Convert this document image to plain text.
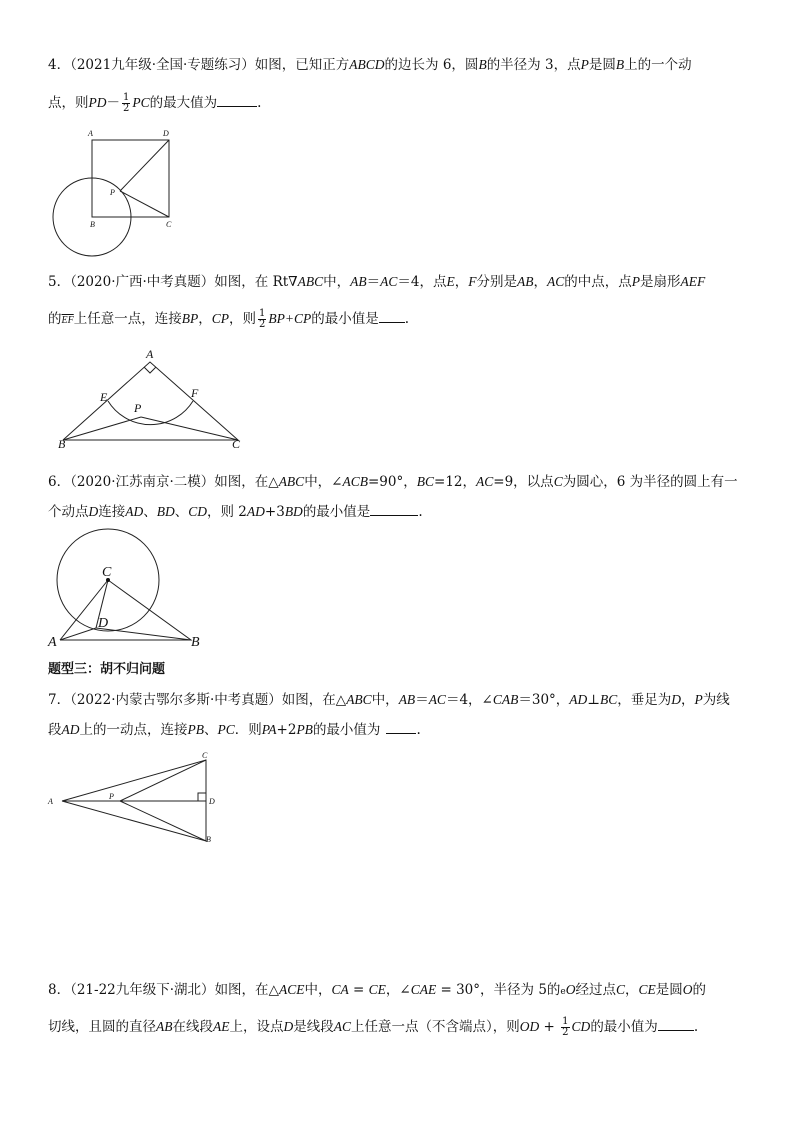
4．（2021九年级·全国·专题练习）如图，已知正方ABCD的边长为 6，圆B的半径为 3，点P是圆B上的一个动
点，则$PD- \frac{1}{2}$ PC的最大值为	.
A	D
P
B	C
5．（2020·广西·中考真题）如图，在 Rt∇ABC中，AB＝AC＝4，点E，F分别是AB，AC的中点，点P是扇形AEF
的$\overline{EF}$上任意一点，连接BP，CP，则 $\frac{1}{2} BP+CP$的最小值是 .
A
E	F
P
B	C
6．（2020·江苏南京·二模）如图，在△ABC中，∠ACB=90°，BC=12，AC=9，以点C为圆心，6 为半径的圆上有一
个动点D连接AD、BD、CD，则 2AD+3BD的最小值是	.
C
D
A	B
题型三：胡不归问题
7．（2022·内蒙古鄂尔多斯·中考真题）如图，在△ABC中，AB＝AC＝4，∠CAB＝30°，AD⊥BC，垂足为D，P为线
段AD上的一动点，连接PB、PC．则PA+2PB的最小值为	.
C
A
P
D
B
8．（21-22九年级下·湖北）如图，在△ACE中，CA = CE，∠CAE = 30°，半径为 5的eO经过点C，CE是圆O的
切线，且圆的直径AB在线段AE上，设点D是线段AC上任意一点（不含端点），则OD + $\frac{1}{2}$ CD的最小值为	.
